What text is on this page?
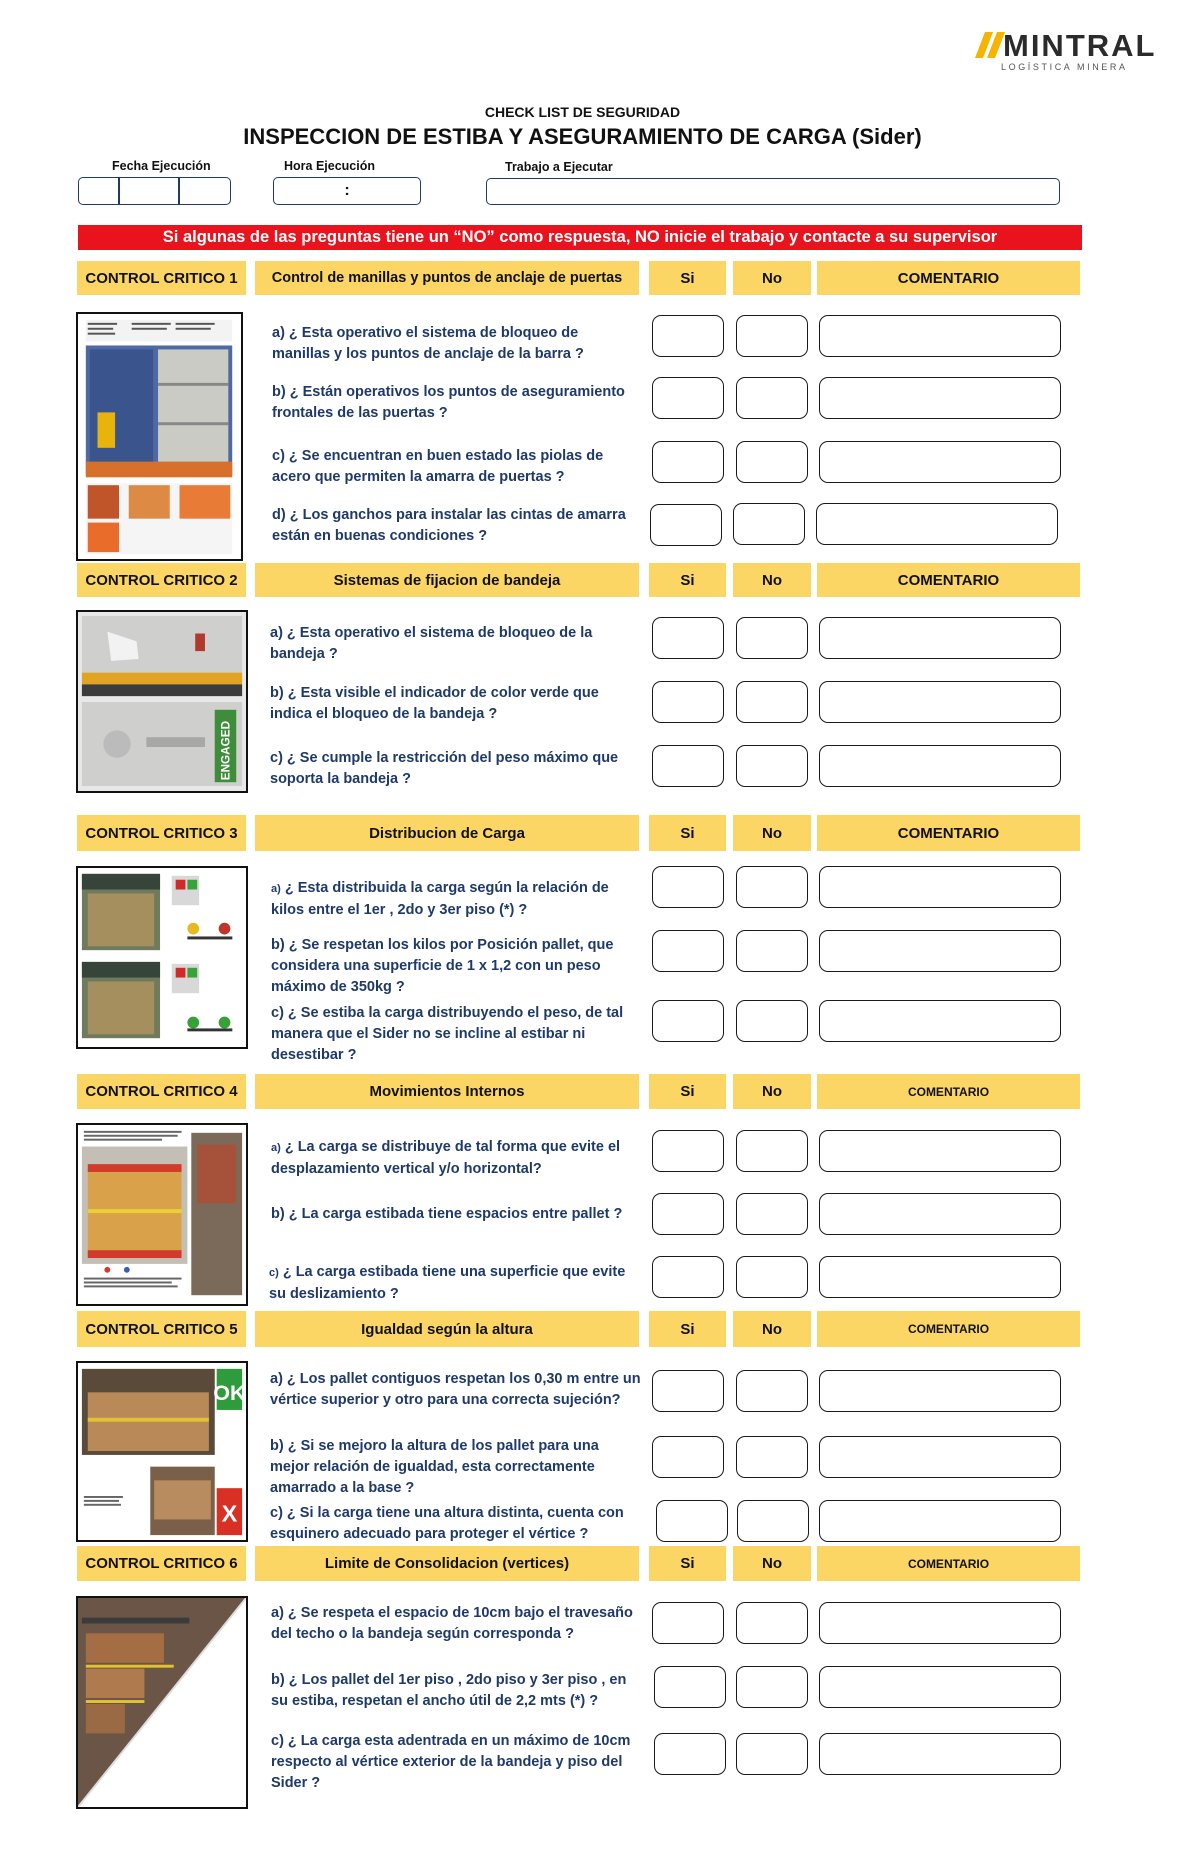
MINTRAL
LOGÍSTICA MINERA
CHECK LIST DE SEGURIDAD
INSPECCION DE ESTIBA Y ASEGURAMIENTO DE CARGA (Sider)
Fecha Ejecución	Hora Ejecución	Trabajo a Ejecutar
:
Si algunas de las preguntas tiene un “NO” como respuesta, NO inicie el trabajo y contacte a su supervisor
CONTROL CRITICO 1	Control de manillas y puntos de anclaje de puertas	Si	No	COMENTARIO
a) ¿ Esta operativo el sistema de bloqueo de manillas y los puntos de anclaje de la barra ?
b) ¿ Están operativos los puntos de aseguramiento frontales de las puertas ?
c) ¿ Se encuentran en buen estado las piolas de acero que permiten la amarra de puertas ?
d) ¿ Los ganchos para instalar las cintas de amarra están en buenas condiciones ?
CONTROL CRITICO 2	Sistemas de fijacion de bandeja	Si	No	COMENTARIO
ENGAGED
a) ¿ Esta operativo el sistema de bloqueo de la bandeja ?
b) ¿ Esta visible el indicador de color verde que indica el bloqueo de la bandeja ?
c) ¿ Se cumple la restricción del peso máximo que soporta la bandeja ?
CONTROL CRITICO 3	Distribucion de Carga	Si	No	COMENTARIO
a) ¿ Esta distribuida la carga según la relación de kilos entre el 1er , 2do y 3er piso (*) ?
b) ¿ Se respetan los kilos por Posición pallet, que considera una superficie de 1 x 1,2 con un peso máximo de 350kg ?
c) ¿ Se estiba la carga distribuyendo el peso, de tal manera que el Sider no se incline al estibar ni desestibar ?
CONTROL CRITICO 4	Movimientos Internos	Si	No	COMENTARIO
a) ¿ La carga se distribuye de tal forma que evite el desplazamiento vertical y/o horizontal?
b) ¿ La carga estibada tiene espacios entre pallet ?
c) ¿ La carga estibada tiene una superficie que evite su deslizamiento ?
CONTROL CRITICO 5	Igualdad según la altura	Si	No	COMENTARIO
OK
X
a) ¿ Los pallet contiguos respetan los 0,30 m entre un vértice superior y otro para una correcta sujeción?
b) ¿ Si se mejoro la altura de los pallet para una mejor relación de igualdad, esta correctamente amarrado a la base ?
c) ¿ Si la carga tiene una altura distinta, cuenta con esquinero adecuado para proteger el vértice ?
CONTROL CRITICO 6	Limite de Consolidacion (vertices)	Si	No	COMENTARIO
a) ¿ Se respeta el espacio de 10cm bajo el travesaño del techo o la bandeja según corresponda ?
b) ¿ Los pallet del 1er piso , 2do piso y 3er piso , en su estiba, respetan el ancho útil de 2,2 mts (*) ?
c) ¿ La carga esta adentrada en un máximo de 10cm respecto al vértice exterior de la bandeja y piso del Sider ?
